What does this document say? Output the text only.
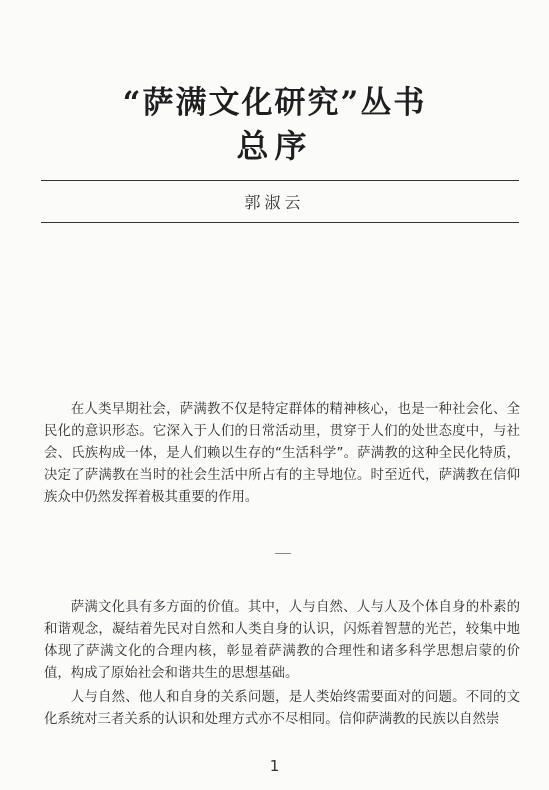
“萨满文化研究”丛书
总序
郭淑云

在人类早期社会，萨满教不仅是特定群体的精神核心，也是一种社会化、全民化的意识形态。它深入于人们的日常活动里，贯穿于人们的处世态度中，与社会、氏族构成一体，是人们赖以生存的“生活科学”。萨满教的这种全民化特质，决定了萨满教在当时的社会生活中所占有的主导地位。时至近代，萨满教在信仰族众中仍然发挥着极其重要的作用。

萨满文化具有多方面的价值。其中，人与自然、人与人及个体自身的朴素的和谐观念，凝结着先民对自然和人类自身的认识，闪烁着智慧的光芒，较集中地体现了萨满文化的合理内核，彰显着萨满教的合理性和诸多科学思想启蒙的价值，构成了原始社会和谐共生的思想基础。

人与自然、他人和自身的关系问题，是人类始终需要面对的问题。不同的文化系统对三者关系的认识和处理方式亦不尽相同。信仰萨满教的民族以自然崇

1
